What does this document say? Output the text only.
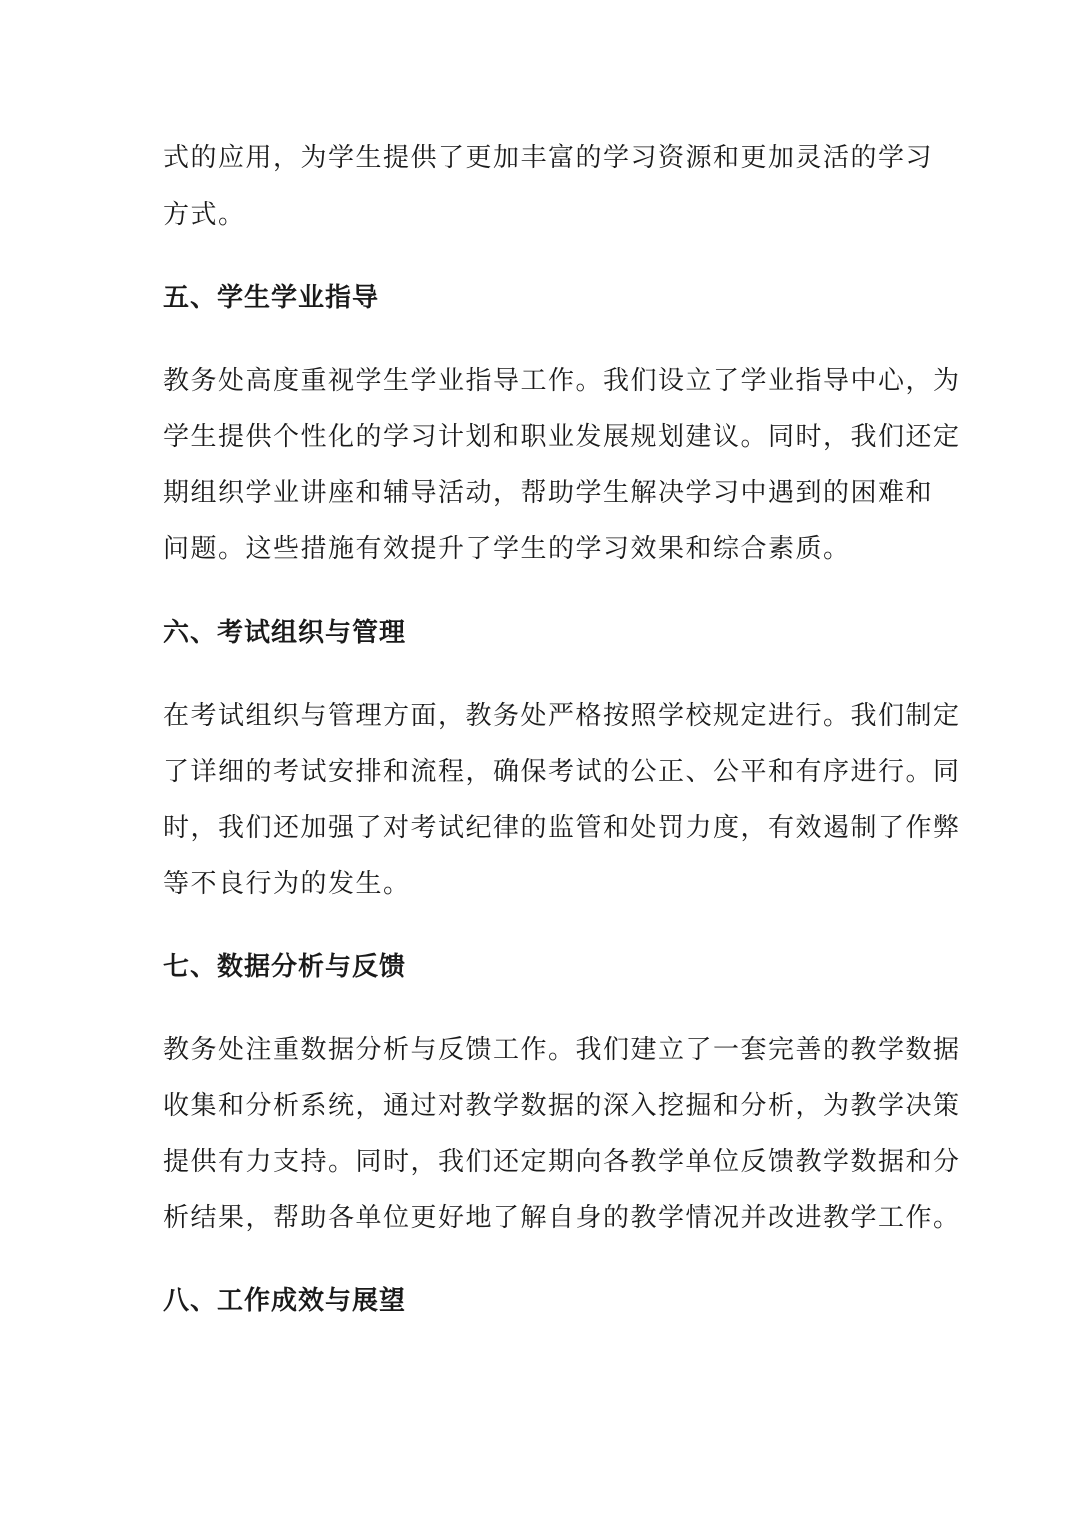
式的应用，为学生提供了更加丰富的学习资源和更加灵活的学习
方式。
五、学生学业指导
教务处高度重视学生学业指导工作。我们设立了学业指导中心，为
学生提供个性化的学习计划和职业发展规划建议。同时，我们还定
期组织学业讲座和辅导活动，帮助学生解决学习中遇到的困难和
问题。这些措施有效提升了学生的学习效果和综合素质。
六、考试组织与管理
在考试组织与管理方面，教务处严格按照学校规定进行。我们制定
了详细的考试安排和流程，确保考试的公正、公平和有序进行。同
时，我们还加强了对考试纪律的监管和处罚力度，有效遏制了作弊
等不良行为的发生。
七、数据分析与反馈
教务处注重数据分析与反馈工作。我们建立了一套完善的教学数据
收集和分析系统，通过对教学数据的深入挖掘和分析，为教学决策
提供有力支持。同时，我们还定期向各教学单位反馈教学数据和分
析结果，帮助各单位更好地了解自身的教学情况并改进教学工作。
八、工作成效与展望
